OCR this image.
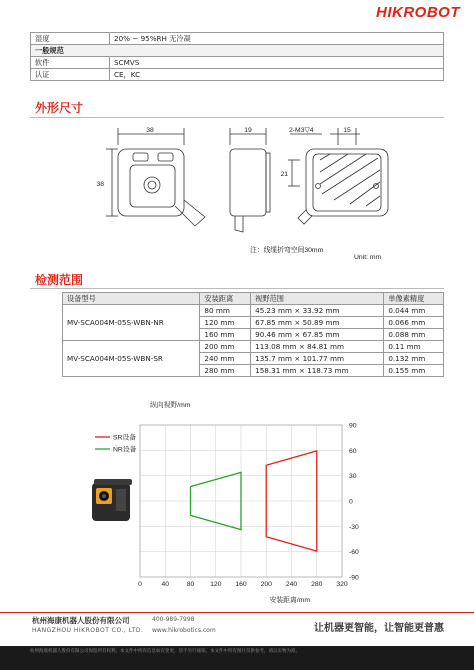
HIKROBOT
湿度	20% ~ 95%RH 无冷凝
一般规范	
软件	SCMVS
认证	CE，KC
外形尺寸
38
38
19	2-M3▽4	15
21
注：线缆折弯空间30mm
Unit: mm
检测范围
设备型号	安装距离	视野范围	单像素精度
MV-SCA004M-05S-WBN-NR	80 mm	45.23 mm × 33.92 mm	0.044 mm
	120 mm	67.85 mm × 50.89 mm	0.066 mm
	160 mm	90.46 mm × 67.85 mm	0.088 mm
MV-SCA004M-05S-WBN-SR	200 mm	113.08 mm × 84.81 mm	0.11 mm
	240 mm	135.7 mm × 101.77 mm	0.132 mm
	280 mm	158.31 mm × 118.73 mm	0.155 mm
纵向视野/mm
安装距离/mm
0	40	80 120 160 200 240 280 320
90
60
30
0
-30
-60
-90
SR设备
NR设备
杭州海康机器人股份有限公司
HANGZHOU HIKROBOT CO., LTD.
400-989-7998
www.hikrobotics.com	让机器更智能，让智能更普惠
杭州海康机器人股份有限公司保留所有权利。本文件中所有信息如有变更，恕不另行通知。本文件中所有图片仅供参考，请以实物为准。
